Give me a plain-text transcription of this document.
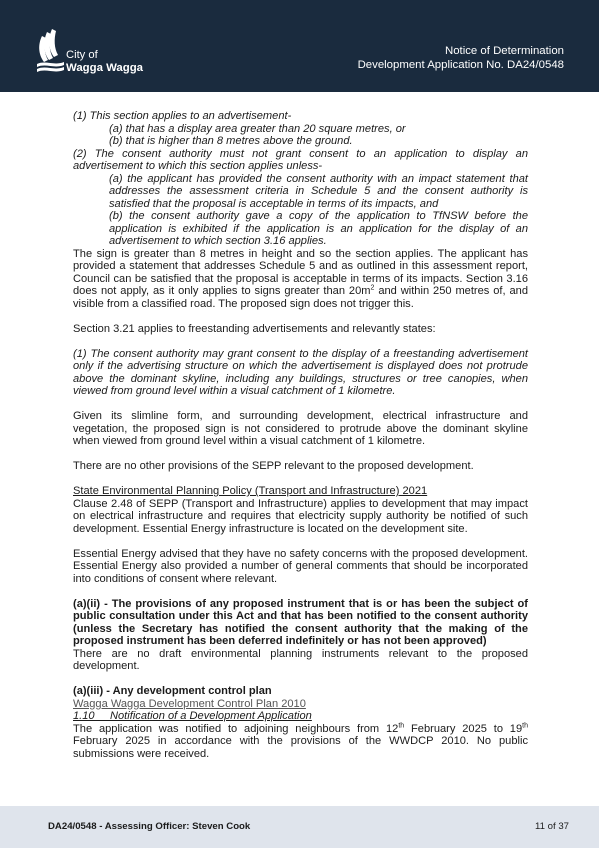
City of
Wagga Wagga
Notice of Determination
Development Application No. DA24/0548

(1) This section applies to an advertisement-

(a) that has a display area greater than 20 square metres, or

(b) that is higher than 8 metres above the ground.

(2) The consent authority must not grant consent to an application to display an advertisement to which this section applies unless-

(a) the applicant has provided the consent authority with an impact statement that addresses the assessment criteria in Schedule 5 and the consent authority is satisfied that the proposal is acceptable in terms of its impacts, and

(b) the consent authority gave a copy of the application to TfNSW before the application is exhibited if the application is an application for the display of an advertisement to which section 3.16 applies.

The sign is greater than 8 metres in height and so the section applies. The applicant has provided a statement that addresses Schedule 5 and as outlined in this assessment report, Council can be satisfied that the proposal is acceptable in terms of its impacts. Section 3.16 does not apply, as it only applies to signs greater than $20m^2$ and within 250 metres of, and visible from a classified road. The proposed sign does not trigger this.

Section 3.21 applies to freestanding advertisements and relevantly states:

(1) The consent authority may grant consent to the display of a freestanding advertisement only if the advertising structure on which the advertisement is displayed does not protrude above the dominant skyline, including any buildings, structures or tree canopies, when viewed from ground level within a visual catchment of 1 kilometre.

Given its slimline form, and surrounding development, electrical infrastructure and vegetation, the proposed sign is not considered to protrude above the dominant skyline when viewed from ground level within a visual catchment of 1 kilometre.

There are no other provisions of the SEPP relevant to the proposed development.

State Environmental Planning Policy (Transport and Infrastructure) 2021

Clause 2.48 of SEPP (Transport and Infrastructure) applies to development that may impact on electrical infrastructure and requires that electricity supply authority be notified of such development. Essential Energy infrastructure is located on the development site.

Essential Energy advised that they have no safety concerns with the proposed development. Essential Energy also provided a number of general comments that should be incorporated into conditions of consent where relevant.

(a)(ii) - The provisions of any proposed instrument that is or has been the subject of public consultation under this Act and that has been notified to the consent authority (unless the Secretary has notified the consent authority that the making of the proposed instrument has been deferred indefinitely or has not been approved)

There are no draft environmental planning instruments relevant to the proposed development.

(a)(iii) - Any development control plan

Wagga Wagga Development Control Plan 2010

1.10     Notification of a Development Application

The application was notified to adjoining neighbours from 12th February 2025 to 19th February 2025 in accordance with the provisions of the WWDCP 2010. No public submissions were received.

DA24/0548 - Assessing Officer: Steven Cook	11 of 37
